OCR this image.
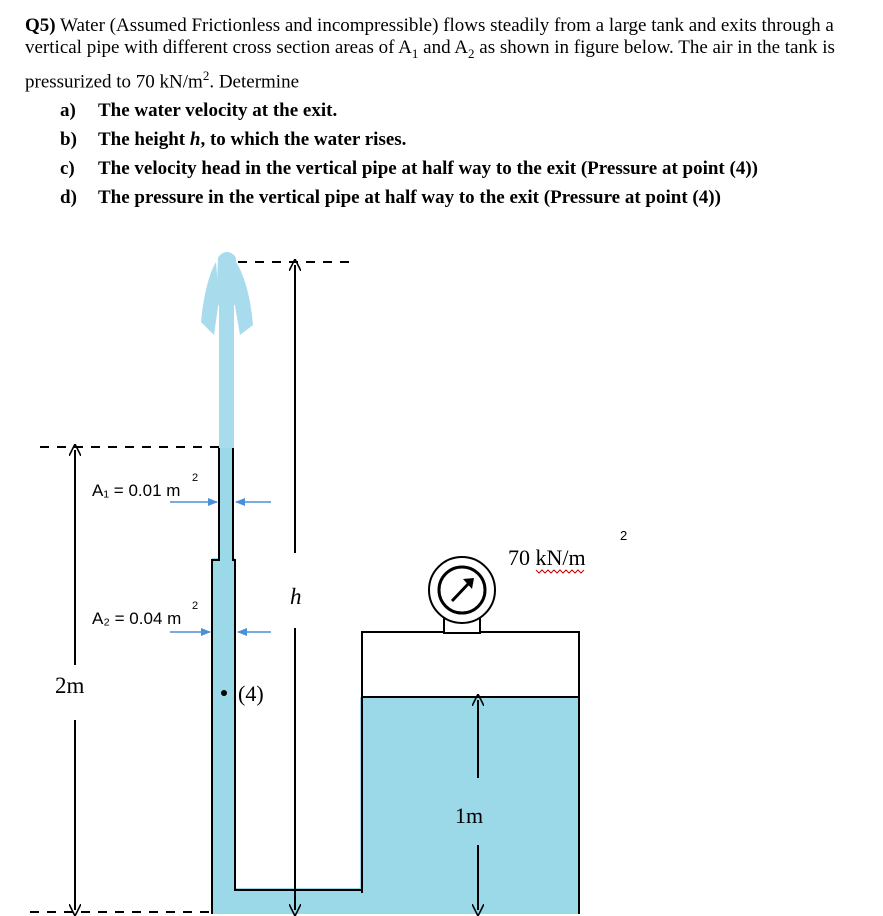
Q5) Water (Assumed Frictionless and incompressible) flows steadily from a large tank and exits through a vertical pipe with different cross section areas of $A_1$ and $A_2$ as shown in figure below. The air in the tank is pressurized to 70 $kN/m^2$. Determine
a) The water velocity at the exit.
b) The height h, to which the water rises.
c) The velocity head in the vertical pipe at half way to the exit (Pressure at point (4))
d) The pressure in the vertical pipe at half way to the exit (Pressure at point (4))
70 kN/m
2
2m
h
1m
A₁ = 0.01 m
2
A₂ = 0.04 m
2
(4)
